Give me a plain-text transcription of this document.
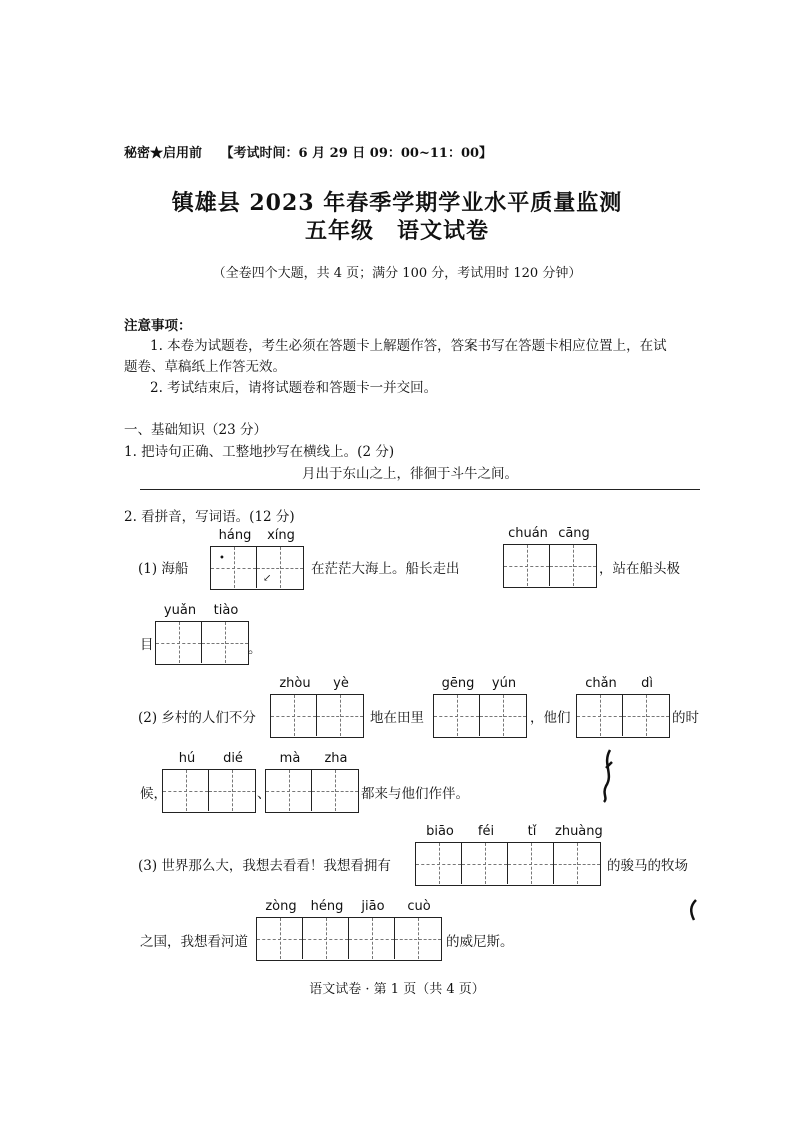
秘密★启用前 【考试时间：6 月 29 日 09：00~11：00】
镇雄县 2023 年春季学期学业水平质量监测
五年级　语文试卷
（全卷四个大题，共 4 页；满分 100 分，考试用时 120 分钟）
注意事项：
1. 本卷为试题卷，考生必须在答题卡上解题作答，答案书写在答题卡相应位置上，在试
题卷、草稿纸上作答无效。
2. 考试结束后，请将试题卷和答题卡一并交回。
一、基础知识（23 分）
1. 把诗句正确、工整地抄写在横线上。(2 分)
月出于东山之上，徘徊于斗牛之间。
2. 看拼音，写词语。(12 分)
(1) 海船
háng	xíng
•
↙
在茫茫大海上。船长走出
chuán cāng
，站在船头极
目
yuǎn	tiào
。
(2) 乡村的人们不分
zhòu	yè
地在田里
gēng	yún
，他们
chǎn	dì
的时
候，
hú	dié
、
mà	zha
都来与他们作伴。
(3) 世界那么大，我想去看看！我想看拥有
biāo	féi	tǐ	zhuàng
的骏马的牧场
之国，我想看河道
zòng	héng	jiāo	cuò
的威尼斯。
语文试卷 · 第 1 页（共 4 页）
